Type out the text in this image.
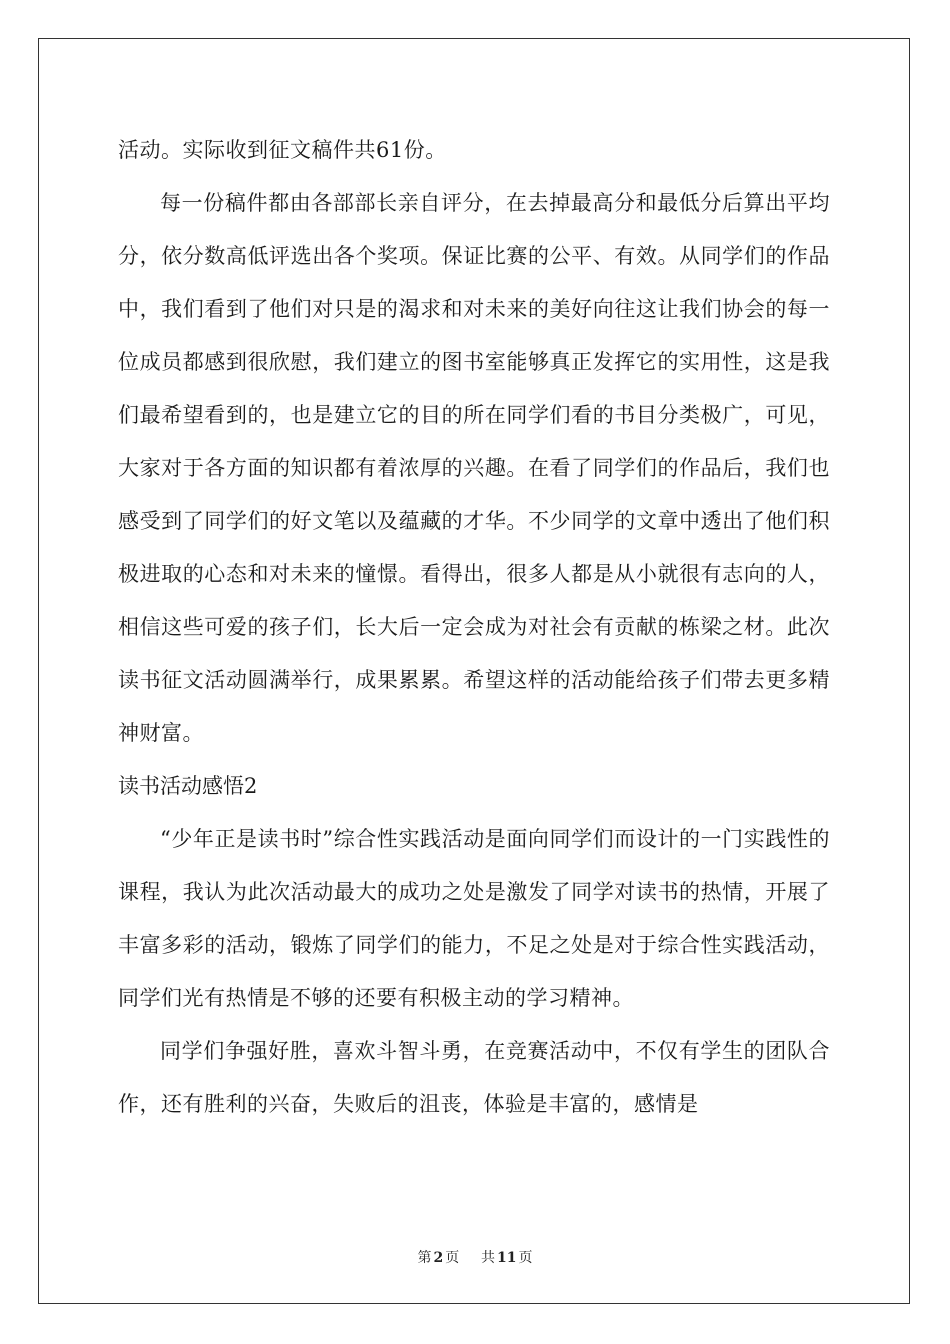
活动。实际收到征文稿件共61份。

每一份稿件都由各部部长亲自评分，在去掉最高分和最低分后算出平均分，依分数高低评选出各个奖项。保证比赛的公平、有效。从同学们的作品中，我们看到了他们对只是的渴求和对未来的美好向往这让我们协会的每一位成员都感到很欣慰，我们建立的图书室能够真正发挥它的实用性，这是我们最希望看到的，也是建立它的目的所在同学们看的书目分类极广，可见，大家对于各方面的知识都有着浓厚的兴趣。在看了同学们的作品后，我们也感受到了同学们的好文笔以及蕴藏的才华。不少同学的文章中透出了他们积极进取的心态和对未来的憧憬。看得出，很多人都是从小就很有志向的人，相信这些可爱的孩子们，长大后一定会成为对社会有贡献的栋梁之材。此次读书征文活动圆满举行，成果累累。希望这样的活动能给孩子们带去更多精神财富。

读书活动感悟2

“少年正是读书时”综合性实践活动是面向同学们而设计的一门实践性的课程，我认为此次活动最大的成功之处是激发了同学对读书的热情，开展了丰富多彩的活动，锻炼了同学们的能力，不足之处是对于综合性实践活动，同学们光有热情是不够的还要有积极主动的学习精神。

同学们争强好胜，喜欢斗智斗勇，在竞赛活动中，不仅有学生的团队合作，还有胜利的兴奋，失败后的沮丧，体验是丰富的，感情是

第 2 页 共 11 页
